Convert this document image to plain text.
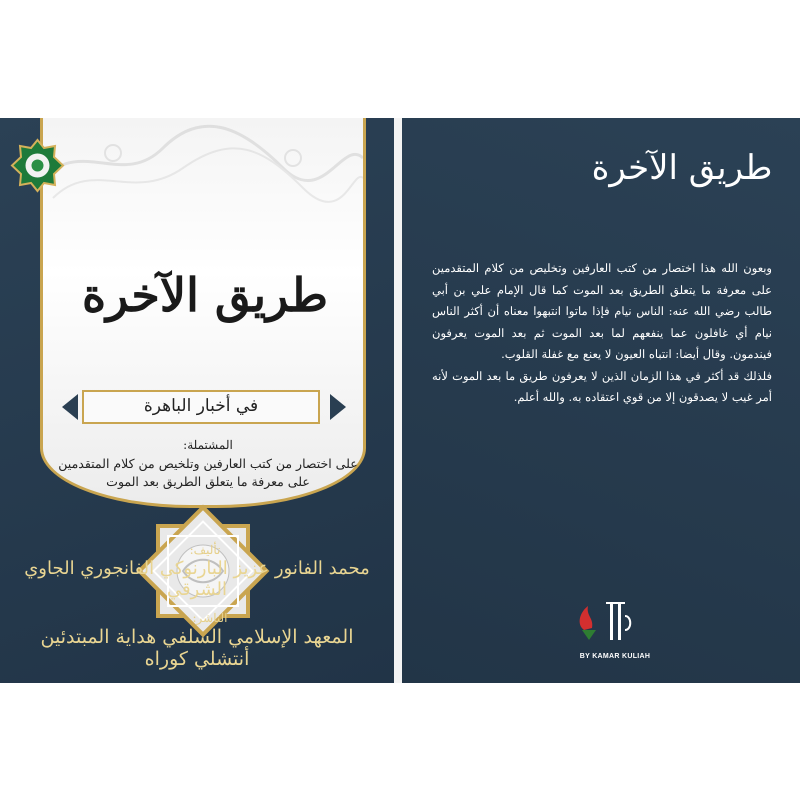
طريق الآخرة
في أخبار الباهرة
المشتملة:
على اختصار من كتب العارفين وتلخيص من كلام المتقدمين
على معرفة ما يتعلق الطريق بعد الموت
تأليف:
محمد الفانور عزيز البارنوكي الفانجوري الجاوي الشرقي
الناشر:
المعهد الإسلامي السلفي هداية المبتدئين أنتشلي كوراه
طريق الآخرة

وبعون الله هذا اختصار من كتب العارفين وتخليص من كلام المتقدمين على معرفة ما يتعلق الطريق بعد الموت كما قال الإمام علي بن أبي طالب رضي الله عنه: الناس نيام فإذا ماتوا انتبهوا معناه أن أكثر الناس نيام أي غافلون عما ينفعهم لما بعد الموت ثم بعد الموت يعرفون فيندمون. وقال أيضا: انتباه العيون لا يعنع مع غفلة القلوب.

فلذلك قد أكثر في هذا الزمان الذين لا يعرفون طريق ما بعد الموت لأنه أمر غيب لا يصدقون إلا من قوي اعتقاده به. والله أعلم.

BY KAMAR KULIAH
